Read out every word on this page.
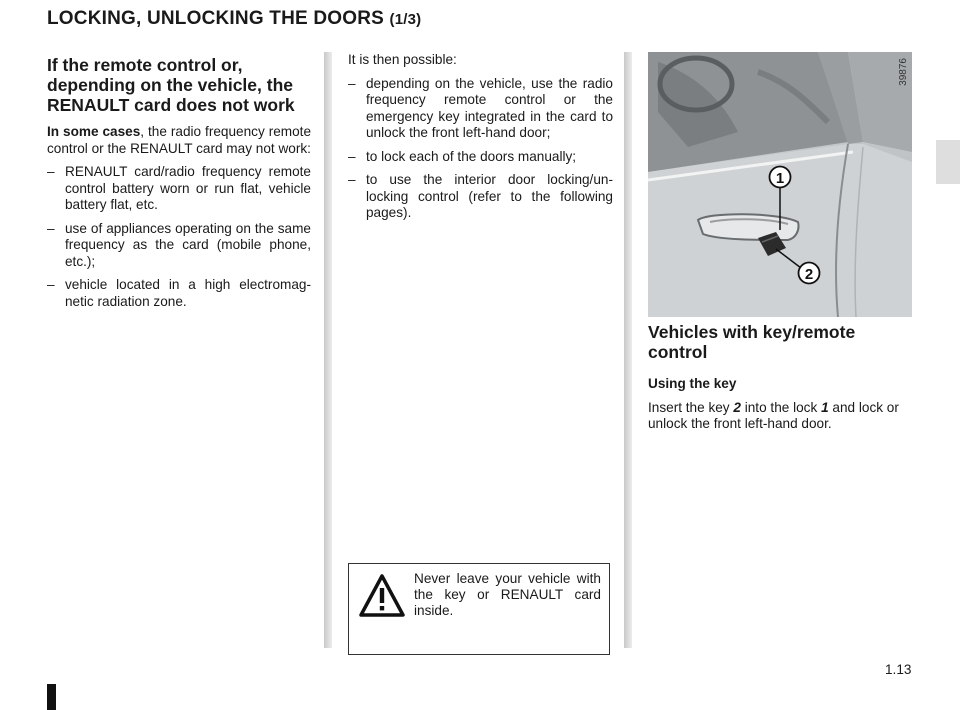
LOCKING, UNLOCKING THE DOORS (1/3)
If the remote control or, depending on the vehicle, the RENAULT card does not work

In some cases, the radio frequency remote control or the RENAULT card may not work:

– RENAULT card/radio frequency remote control battery worn or run flat, vehicle battery flat, etc.
– use of appliances operating on the same frequency as the card (mobile phone, etc.);
– vehicle located in a high electromag-netic radiation zone.

It is then possible:

– depending on the vehicle, use the radio frequency remote control or the emergency key integrated in the card to unlock the front left-hand door;
– to lock each of the doors manually;
– to use the interior door locking/un-locking control (refer to the following pages).
Never leave your vehicle with the key or RENAULT card inside.
1
2
39876
Vehicles with key/remote control
Using the key

Insert the key 2 into the lock 1 and lock or unlock the front left-hand door.

1.13
